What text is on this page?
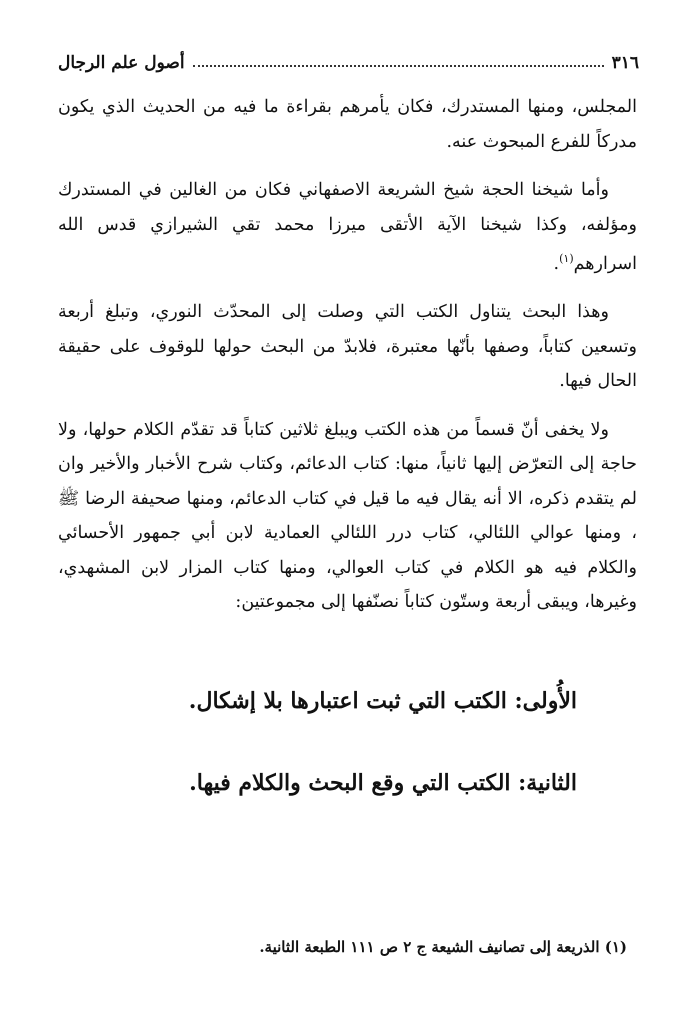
٣١٦
أصول علم الرجال

المجلس، ومنها المستدرك، فكان يأمرهم بقراءة ما فيه من الحديث الذي يكون مدركاً للفرع المبحوث عنه.

وأما شيخنا الحجة شيخ الشريعة الاصفهاني فكان من الغالين في المستدرك ومؤلفه، وكذا شيخنا الآية الأتقى ميرزا محمد تقي الشيرازي قدس الله اسرارهم$^{(١)}$.

وهذا البحث يتناول الكتب التي وصلت إلى المحدّث النوري، وتبلغ أربعة وتسعين كتاباً، وصفها بأنّها معتبرة، فلابدّ من البحث حولها للوقوف على حقيقة الحال فيها.

ولا يخفى أنّ قسماً من هذه الكتب ويبلغ ثلاثين كتاباً قد تقدّم الكلام حولها، ولا حاجة إلى التعرّض إليها ثانياً، منها: كتاب الدعائم، وكتاب شرح الأخبار والأخير وان لم يتقدم ذكره، الا أنه يقال فيه ما قيل في كتاب الدعائم، ومنها صحيفة الرضا ﷺ ، ومنها عوالي اللئالي، كتاب درر اللئالي العمادية لابن أبي جمهور الأحسائي والكلام فيه هو الكلام في كتاب العوالي، ومنها كتاب المزار لابن المشهدي، وغيرها، ويبقى أربعة وستّون كتاباً نصنّفها إلى مجموعتين:

الأُولى: الكتب التي ثبت اعتبارها بلا إشكال.
الثانية: الكتب التي وقع البحث والكلام فيها.
(١) الذريعة إلى تصانيف الشيعة ج ٢ ص ١١١ الطبعة الثانية.
